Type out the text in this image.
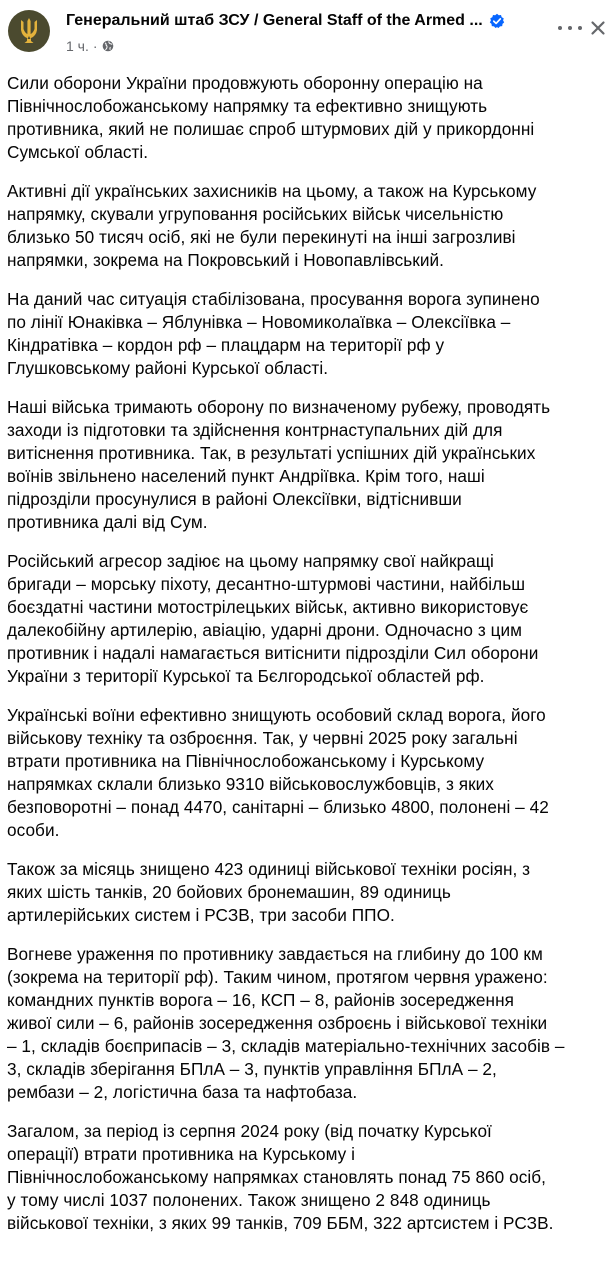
Генеральний штаб ЗСУ / General Staff of the Armed ...
1 ч. ·

Сили оборони України продовжують оборонну операцію на
Північнослобожанському напрямку та ефективно знищують
противника, який не полишає спроб штурмових дій у прикордонні
Сумської області.

Активні дії українських захисників на цьому, а також на Курському
напрямку, скували угруповання російських військ чисельністю
близько 50 тисяч осіб, які не були перекинуті на інші загрозливі
напрямки, зокрема на Покровський і Новопавлівський.

На даний час ситуація стабілізована, просування ворога зупинено
по лінії Юнаківка – Яблунівка – Новомиколаївка – Олексіївка –
Кіндратівка – кордон рф – плацдарм на території рф у
Глушковському районі Курської області.

Наші війська тримають оборону по визначеному рубежу, проводять
заходи із підготовки та здійснення контрнаступальних дій для
витіснення противника. Так, в результаті успішних дій українських
воїнів звільнено населений пункт Андріївка. Крім того, наші
підрозділи просунулися в районі Олексіївки, відтіснивши
противника далі від Сум.

Російський агресор задіює на цьому напрямку свої найкращі
бригади – морську піхоту, десантно-штурмові частини, найбільш
боєздатні частини мотострілецьких військ, активно використовує
далекобійну артилерію, авіацію, ударні дрони. Одночасно з цим
противник і надалі намагається витіснити підрозділи Сил оборони
України з території Курської та Бєлгородської областей рф.

Українські воїни ефективно знищують особовий склад ворога, його
військову техніку та озброєння. Так, у червні 2025 року загальні
втрати противника на Північнослобожанському і Курському
напрямках склали близько 9310 військовослужбовців, з яких
безповоротні – понад 4470, санітарні – близько 4800, полонені – 42
особи.

Також за місяць знищено 423 одиниці військової техніки росіян, з
яких шість танків, 20 бойових бронемашин, 89 одиниць
артилерійських систем і РСЗВ, три засоби ППО.

Вогневе ураження по противнику завдається на глибину до 100 км
(зокрема на території рф). Таким чином, протягом червня уражено:
командних пунктів ворога – 16, КСП – 8, районів зосередження
живої сили – 6, районів зосередження озброєнь і військової техніки
– 1, складів боєприпасів – 3, складів матеріально-технічних засобів –
3, складів зберігання БПлА – 3, пунктів управління БПлА – 2,
рембази – 2, логістична база та нафтобаза.

Загалом, за період із серпня 2024 року (від початку Курської
операції) втрати противника на Курському і
Північнослобожанському напрямках становлять понад 75 860 осіб,
у тому числі 1037 полонених. Також знищено 2 848 одиниць
військової техніки, з яких 99 танків, 709 ББМ, 322 артсистем і РСЗВ.
